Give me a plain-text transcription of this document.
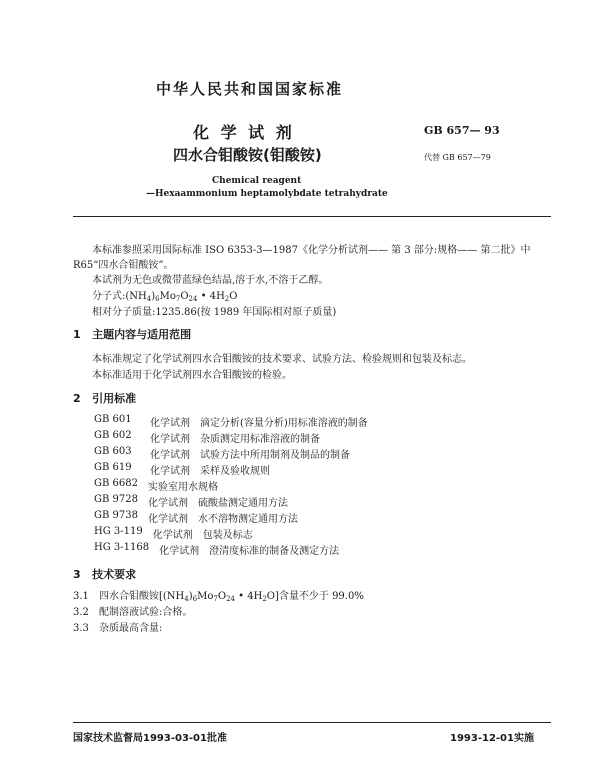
中华人民共和国国家标准
化 学 试 剂
四水合钼酸铵(钼酸铵)
GB 657— 93
代替 GB 657—79
Chemical reagent
—Hexaammonium heptamolybdate tetrahydrate
本标准参照采用国际标准 ISO 6353-3—1987《化学分析试剂—— 第 3 部分:规格—— 第二批》中
R65“四水合钼酸铵”。
本试剂为无色或微带蓝绿色结晶,溶于水,不溶于乙醇。
分子式$:(NH_4)_6Mo_7O_{24}$ • $4H_2O$
相对分子质量:1235.86(按 1989 年国际相对原子质量)
1 主题内容与适用范围
本标准规定了化学试剂四水合钼酸铵的技术要求、试验方法、检验规则和包装及标志。
本标准适用于化学试剂四水合钼酸铵的检验。
2 引用标准
GB 601	化学试剂 滴定分析(容量分析)用标准溶液的制备
GB 602	化学试剂 杂质测定用标准溶液的制备
GB 603	化学试剂 试验方法中所用制剂及制品的制备
GB 619	化学试剂 采样及验收规则
GB 6682 实验室用水规格
GB 9728 化学试剂 硫酸盐测定通用方法
GB 9738 化学试剂 水不溶物测定通用方法
HG 3-119 化学试剂 包装及标志
HG 3-1168 化学试剂 澄清度标准的制备及测定方法
3 技术要求
3.1 四水合钼酸铵[$(NH_4)_6Mo_7O_{24}$ • $4H_2O$]含量不少于 99.0%
3.2 配制溶液试验:合格。
3.3 杂质最高含量:
国家技术监督局1993-03-01批准	1993-12-01实施
